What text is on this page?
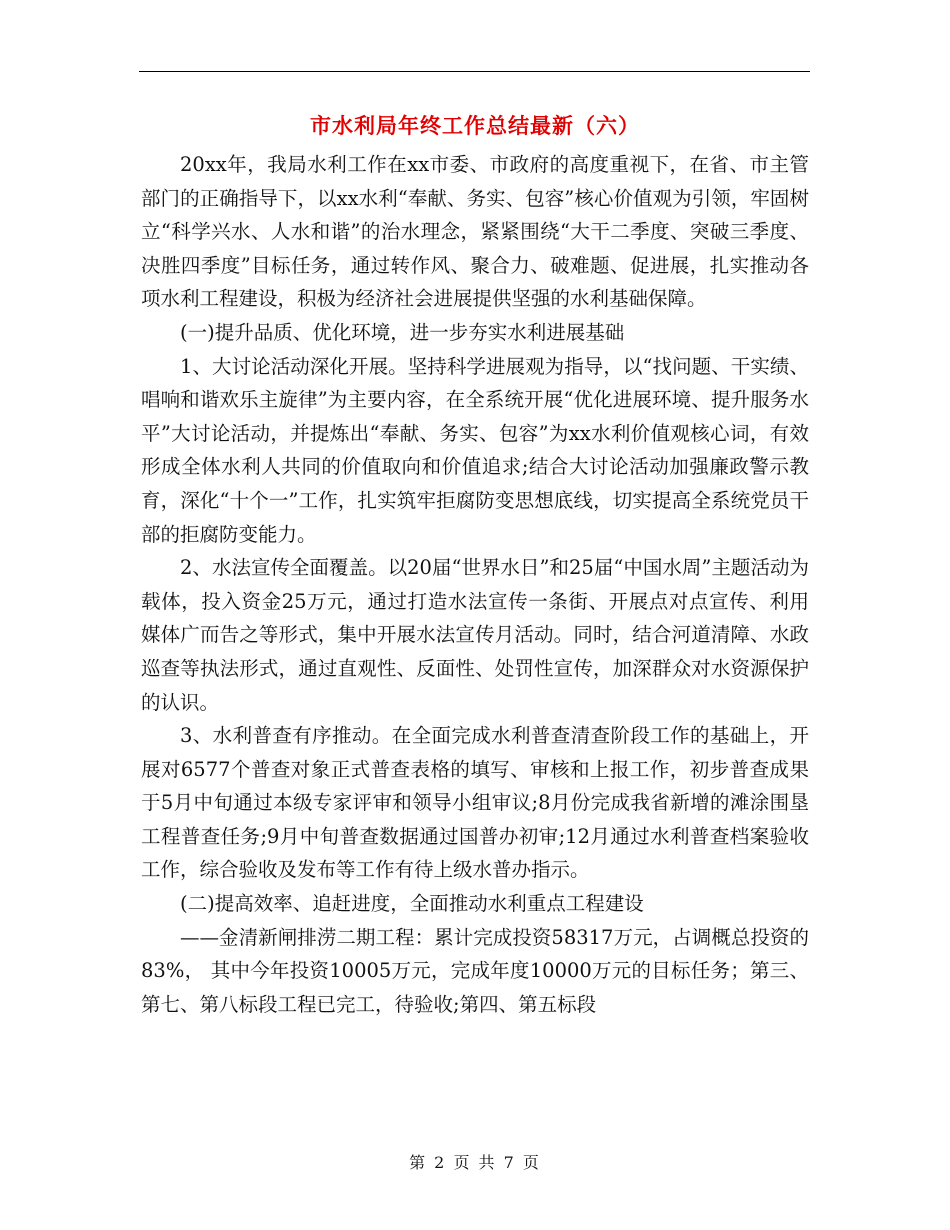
市水利局年终工作总结最新（六）

20xx年，我局水利工作在xx市委、市政府的高度重视下，在省、市主管部门的正确指导下，以xx水利“奉献、务实、包容”核心价值观为引领，牢固树立“科学兴水、人水和谐”的治水理念，紧紧围绕“大干二季度、突破三季度、决胜四季度”目标任务，通过转作风、聚合力、破难题、促进展，扎实推动各项水利工程建设，积极为经济社会进展提供坚强的水利基础保障。

(一)提升品质、优化环境，进一步夯实水利进展基础

1、大讨论活动深化开展。坚持科学进展观为指导，以“找问题、干实绩、唱响和谐欢乐主旋律”为主要内容，在全系统开展“优化进展环境、提升服务水平”大讨论活动，并提炼出“奉献、务实、包容”为xx水利价值观核心词，有效形成全体水利人共同的价值取向和价值追求;结合大讨论活动加强廉政警示教育，深化“十个一”工作，扎实筑牢拒腐防变思想底线，切实提高全系统党员干部的拒腐防变能力。

2、水法宣传全面覆盖。以20届“世界水日”和25届“中国水周”主题活动为载体，投入资金25万元，通过打造水法宣传一条街、开展点对点宣传、利用媒体广而告之等形式，集中开展水法宣传月活动。同时，结合河道清障、水政巡查等执法形式，通过直观性、反面性、处罚性宣传，加深群众对水资源保护的认识。

3、水利普查有序推动。在全面完成水利普查清查阶段工作的基础上，开展对6577个普查对象正式普查表格的填写、审核和上报工作，初步普查成果于5月中旬通过本级专家评审和领导小组审议;8月份完成我省新增的滩涂围垦工程普查任务;9月中旬普查数据通过国普办初审;12月通过水利普查档案验收工作，综合验收及发布等工作有待上级水普办指示。

(二)提高效率、追赶进度，全面推动水利重点工程建设

——金清新闸排涝二期工程：累计完成投资58317万元，占调概总投资的83%， 其中今年投资10005万元，完成年度10000万元的目标任务；第三、第七、第八标段工程已完工，待验收;第四、第五标段

第 2 页 共 7 页
